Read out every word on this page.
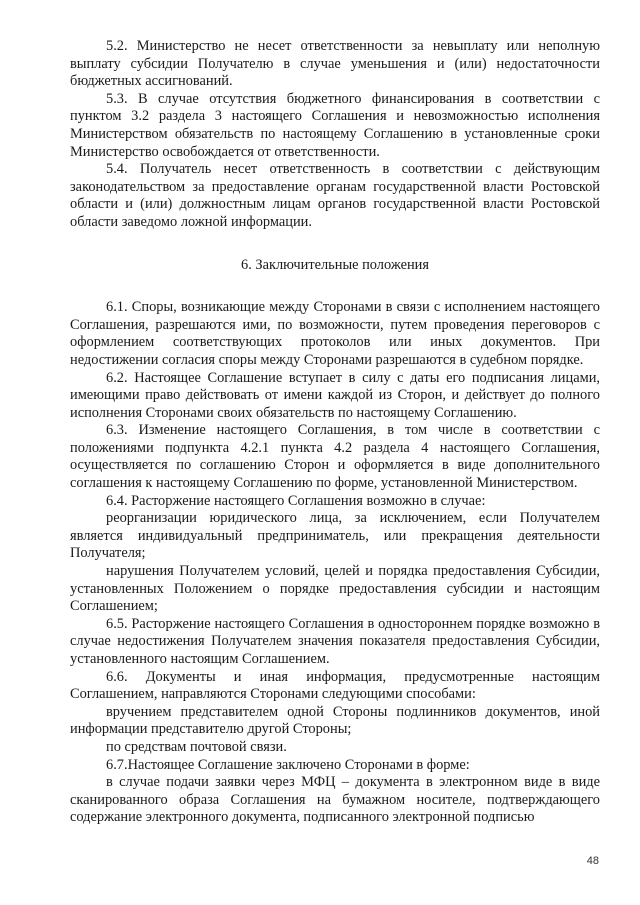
5.2. Министерство не несет ответственности за невыплату или неполную выплату субсидии Получателю в случае уменьшения и (или) недостаточности бюджетных ассигнований.

5.3. В случае отсутствия бюджетного финансирования в соответствии с пунктом 3.2 раздела 3 настоящего Соглашения и невозможностью исполнения Министерством обязательств по настоящему Соглашению в установленные сроки Министерство освобождается от ответственности.

5.4. Получатель несет ответственность в соответствии с действующим законодательством за предоставление органам государственной власти Ростовской области и (или) должностным лицам органов государственной власти Ростовской области заведомо ложной информации.

6. Заключительные положения

6.1. Споры, возникающие между Сторонами в связи с исполнением настоящего Соглашения, разрешаются ими, по возможности, путем проведения переговоров с оформлением соответствующих протоколов или иных документов. При недостижении согласия споры между Сторонами разрешаются в судебном порядке.

6.2. Настоящее Соглашение вступает в силу с даты его подписания лицами, имеющими право действовать от имени каждой из Сторон, и действует до полного исполнения Сторонами своих обязательств по настоящему Соглашению.

6.3. Изменение настоящего Соглашения, в том числе в соответствии с положениями подпункта 4.2.1 пункта 4.2 раздела 4 настоящего Соглашения, осуществляется по соглашению Сторон и оформляется в виде дополнительного соглашения к настоящему Соглашению по форме, установленной Министерством.

6.4. Расторжение настоящего Соглашения возможно в случае:

реорганизации юридического лица, за исключением, если Получателем является индивидуальный предприниматель, или прекращения деятельности Получателя;

нарушения Получателем условий, целей и порядка предоставления Субсидии, установленных Положением о порядке предоставления субсидии и настоящим Соглашением;

6.5. Расторжение настоящего Соглашения в одностороннем порядке возможно в случае недостижения Получателем значения показателя предоставления Субсидии, установленного настоящим Соглашением.

6.6. Документы и иная информация, предусмотренные настоящим Соглашением, направляются Сторонами следующими способами:

вручением представителем одной Стороны подлинников документов, иной информации представителю другой Стороны;

по средствам почтовой связи.

6.7.Настоящее Соглашение заключено Сторонами в форме:

в случае подачи заявки через МФЦ – документа в электронном виде в виде сканированного образа Соглашения на бумажном носителе, подтверждающего содержание электронного документа, подписанного электронной подписью

48
